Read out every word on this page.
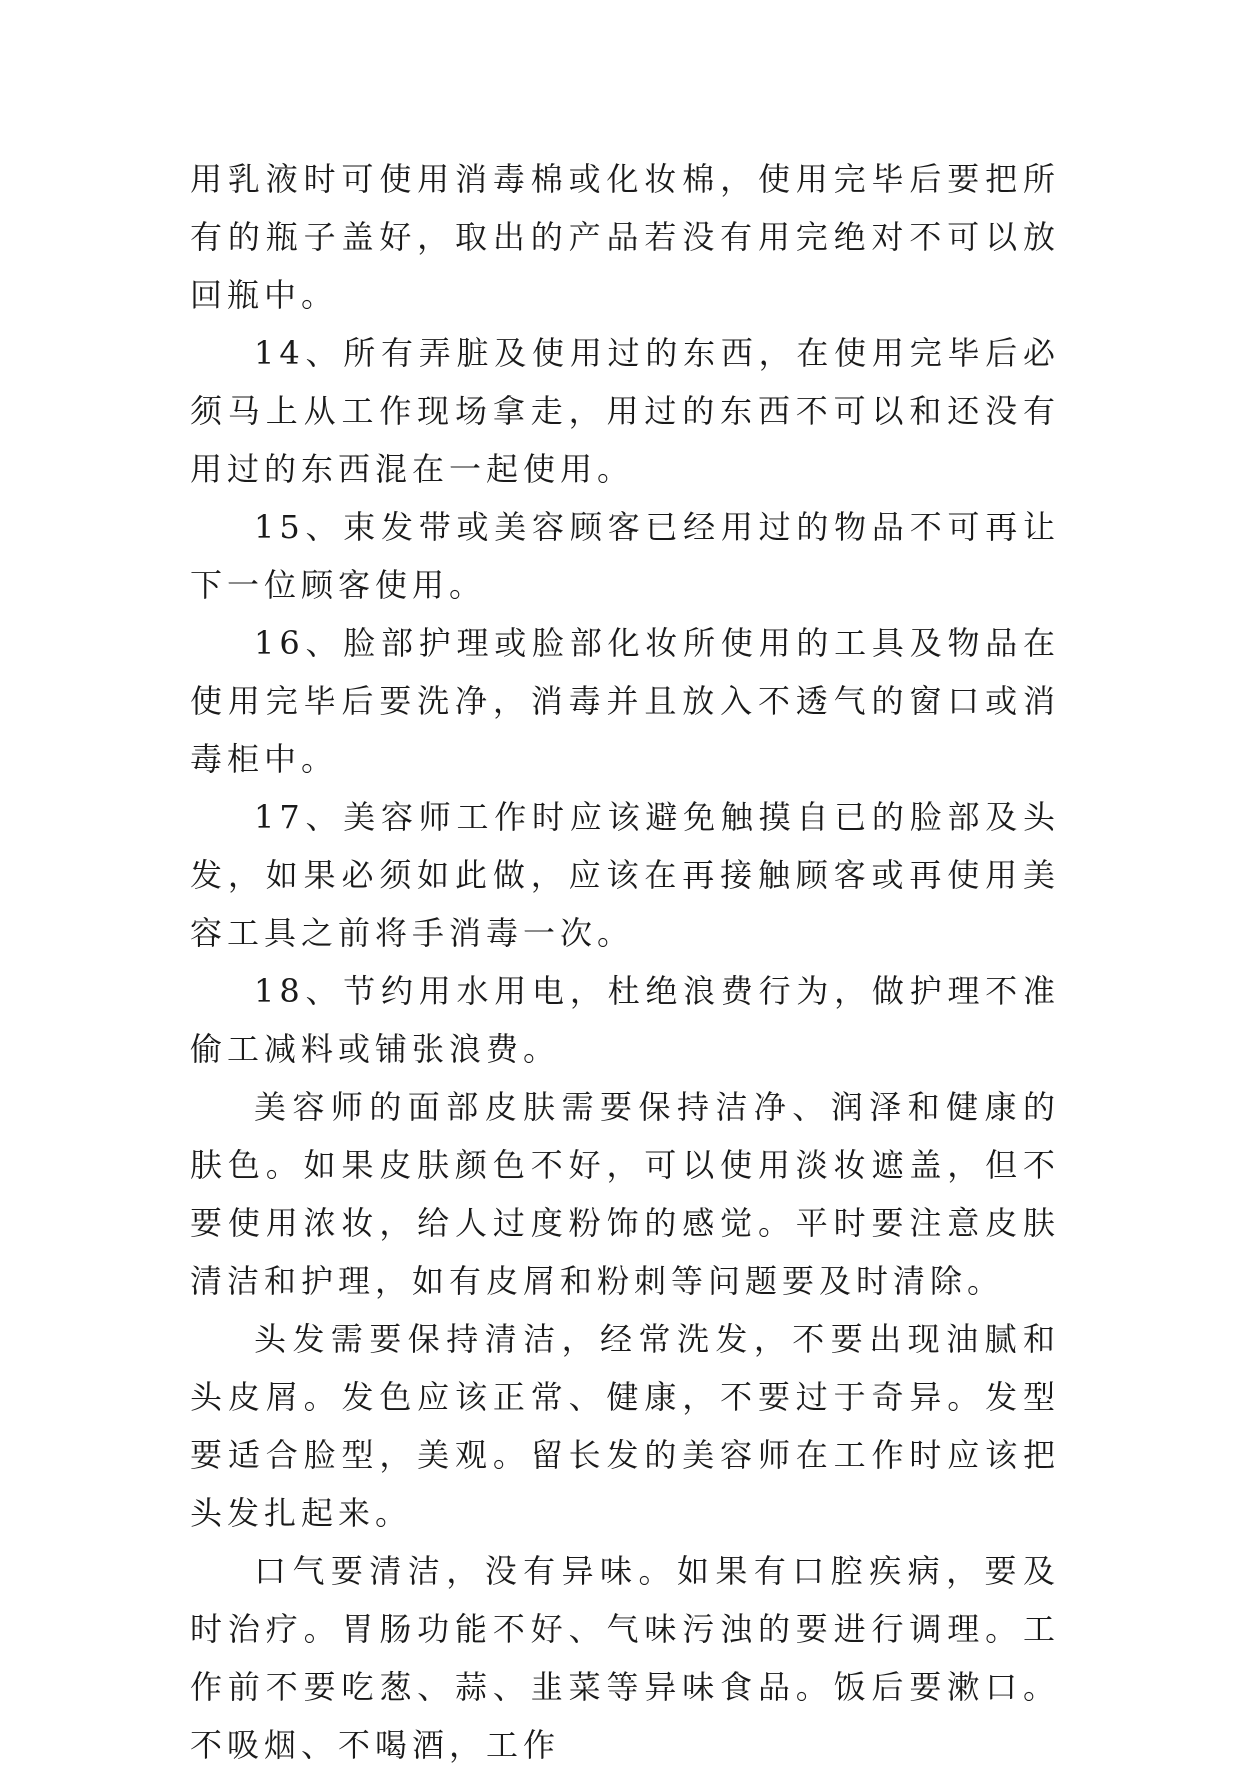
用乳液时可使用消毒棉或化妆棉，使用完毕后要把所有的瓶子盖好，取出的产品若没有用完绝对不可以放回瓶中。

14、所有弄脏及使用过的东西，在使用完毕后必须马上从工作现场拿走，用过的东西不可以和还没有用过的东西混在一起使用。

15、束发带或美容顾客已经用过的物品不可再让下一位顾客使用。

16、脸部护理或脸部化妆所使用的工具及物品在使用完毕后要洗净，消毒并且放入不透气的窗口或消毒柜中。

17、美容师工作时应该避免触摸自已的脸部及头发，如果必须如此做，应该在再接触顾客或再使用美容工具之前将手消毒一次。

18、节约用水用电，杜绝浪费行为，做护理不准偷工减料或铺张浪费。

美容师的面部皮肤需要保持洁净、润泽和健康的肤色。如果皮肤颜色不好，可以使用淡妆遮盖，但不要使用浓妆，给人过度粉饰的感觉。平时要注意皮肤清洁和护理，如有皮屑和粉刺等问题要及时清除。

头发需要保持清洁，经常洗发，不要出现油腻和头皮屑。发色应该正常、健康，不要过于奇异。发型要适合脸型，美观。留长发的美容师在工作时应该把头发扎起来。

口气要清洁，没有异味。如果有口腔疾病，要及时治疗。胃肠功能不好、气味污浊的要进行调理。工作前不要吃葱、蒜、韭菜等异味食品。饭后要漱口。不吸烟、不喝酒，工作
